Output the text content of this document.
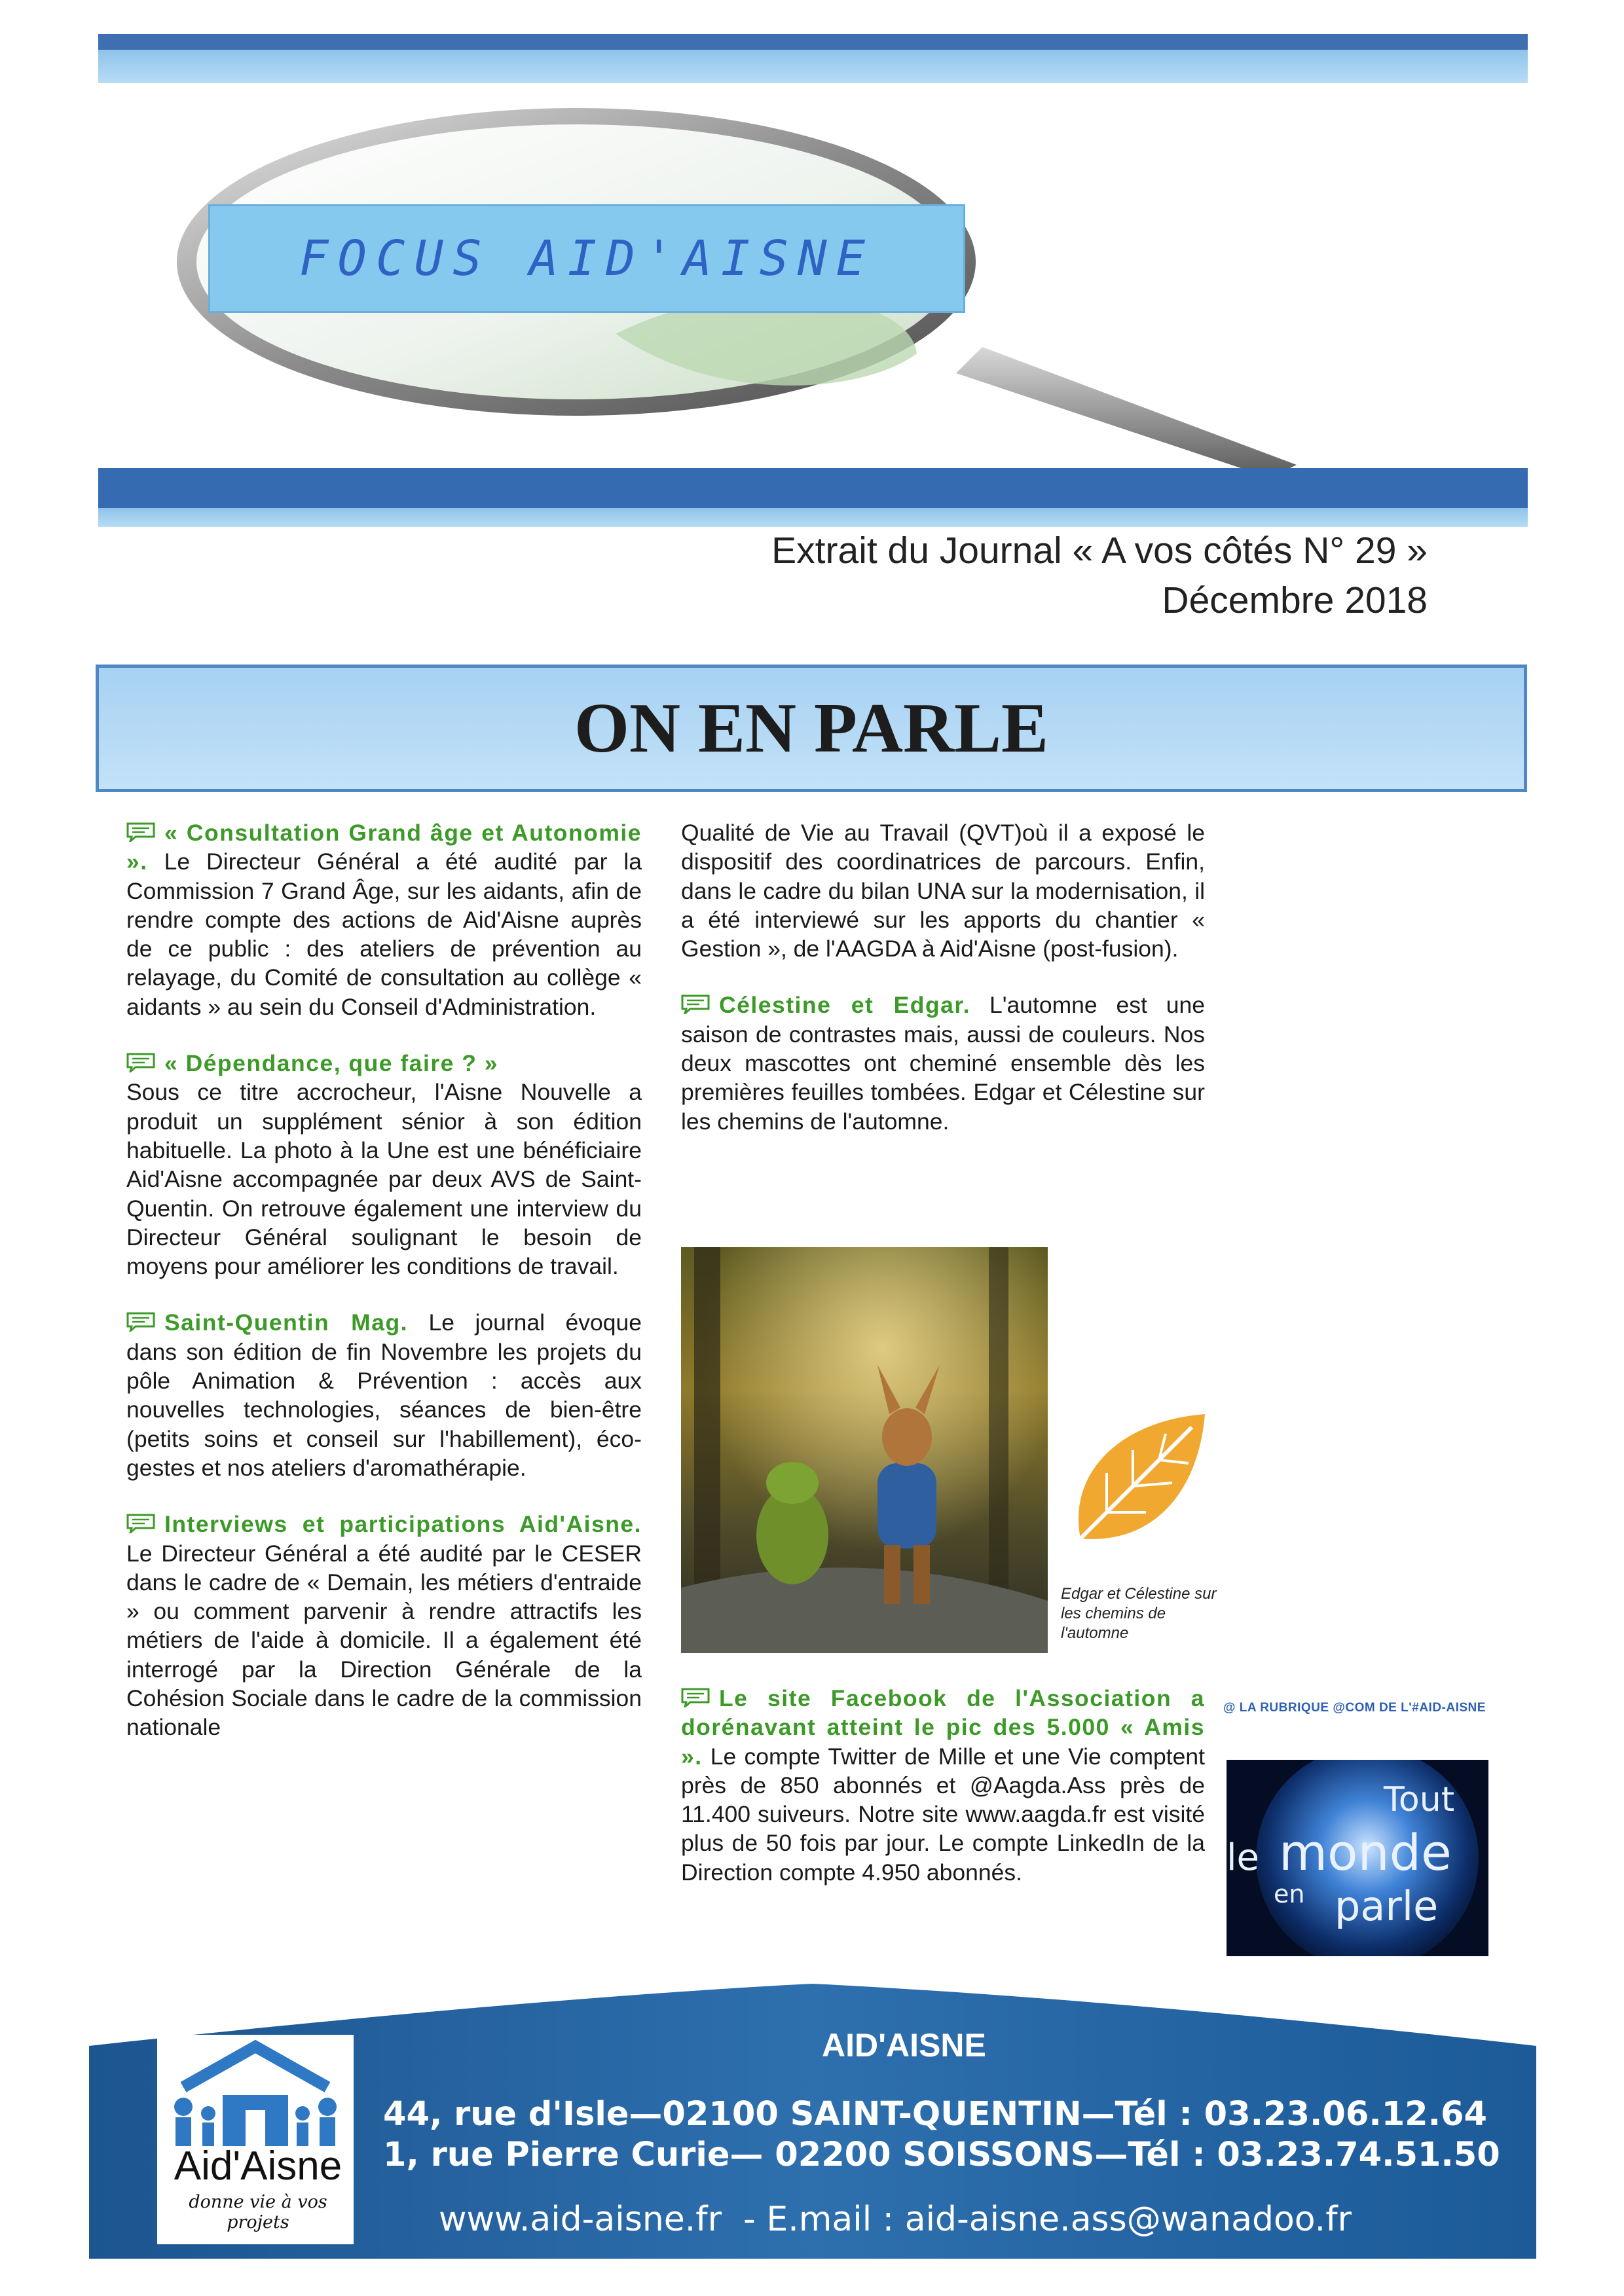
FOCUS AID'AISNE
Extrait du Journal « A vos côtés N° 29 »
Décembre 2018
ON EN PARLE

« Consultation Grand âge et Autonomie ». Le Directeur Général a été audité par la Commission 7 Grand Âge, sur les aidants, afin de rendre compte des actions de Aid'Aisne auprès de ce public : des ateliers de prévention au relayage, du Comité de consultation au collège « aidants » au sein du Conseil d'Administration.

« Dépendance, que faire ? »
Sous ce titre accrocheur, l'Aisne Nouvelle a produit un supplément sénior à son édition habituelle. La photo à la Une est une bénéficiaire Aid'Aisne accompagnée par deux AVS de Saint-Quentin. On retrouve également une interview du Directeur Général soulignant le besoin de moyens pour améliorer les conditions de travail.

Saint-Quentin Mag. Le journal évoque dans son édition de fin Novembre les projets du pôle Animation & Prévention : accès aux nouvelles technologies, séances de bien-être (petits soins et conseil sur l'habillement), éco-gestes et nos ateliers d'aromathérapie.

Interviews et participations Aid'Aisne. Le Directeur Général a été audité par le CESER dans le cadre de « Demain, les métiers d'entraide » ou comment parvenir à rendre attractifs les métiers de l'aide à domicile. Il a également été interrogé par la Direction Générale de la Cohésion Sociale dans le cadre de la commission nationale

Qualité de Vie au Travail (QVT)où il a exposé le dispositif des coordinatrices de parcours. Enfin, dans le cadre du bilan UNA sur la modernisation, il a été interviewé sur les apports du chantier « Gestion », de l'AAGDA à Aid'Aisne (post-fusion).

Célestine et Edgar. L'automne est une saison de contrastes mais, aussi de couleurs. Nos deux mascottes ont cheminé ensemble dès les premières feuilles tombées. Edgar et Célestine sur les chemins de l'automne.

Edgar et Célestine sur les chemins de l'automne

Le site Facebook de l'Association a dorénavant atteint le pic des 5.000 « Amis ». Le compte Twitter de Mille et une Vie comptent près de 850 abonnés et @Aagda.Ass près de 11.400 suiveurs. Notre site www.aagda.fr est visité plus de 50 fois par jour. Le compte LinkedIn de la Direction compte 4.950 abonnés.

@ LA RUBRIQUE @COM DE L'#AID-AISNE
Tout
le monde
en parle
Aid'Aisne
donne vie à vos projets
AID'AISNE
44, rue d'Isle—02100 SAINT-QUENTIN—Tél : 03.23.06.12.64
1, rue Pierre Curie— 02200 SOISSONS—Tél : 03.23.74.51.50
www.aid-aisne.fr  - E.mail : aid-aisne.ass@wanadoo.fr
